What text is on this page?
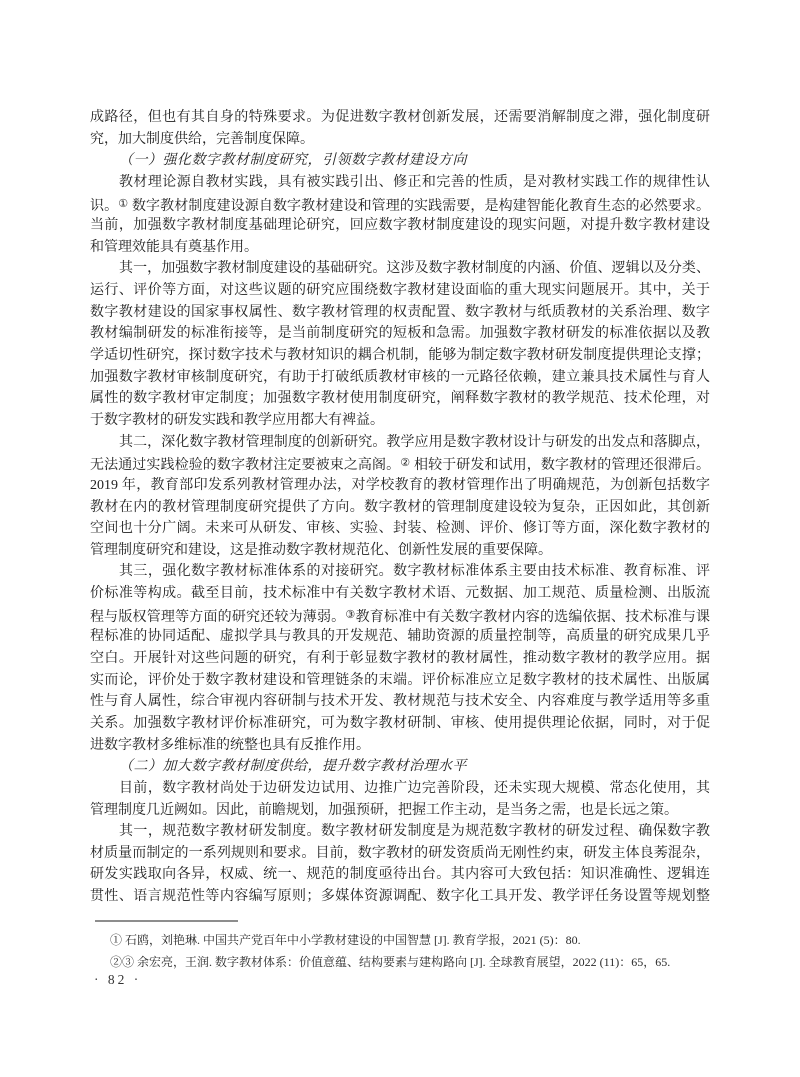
成路径，但也有其自身的特殊要求。为促进数字教材创新发展，还需要消解制度之滞，强化制度研
究，加大制度供给，完善制度保障。
（一）强化数字教材制度研究，引领数字教材建设方向
教材理论源自教材实践，具有被实践引出、修正和完善的性质，是对教材实践工作的规律性认
识。① 数字教材制度建设源自数字教材建设和管理的实践需要，是构建智能化教育生态的必然要求。
当前，加强数字教材制度基础理论研究，回应数字教材制度建设的现实问题，对提升数字教材建设
和管理效能具有奠基作用。
其一，加强数字教材制度建设的基础研究。这涉及数字教材制度的内涵、价值、逻辑以及分类、
运行、评价等方面，对这些议题的研究应围绕数字教材建设面临的重大现实问题展开。其中，关于
数字教材建设的国家事权属性、数字教材管理的权责配置、数字教材与纸质教材的关系治理、数字
教材编制研发的标准衔接等，是当前制度研究的短板和急需。加强数字教材研发的标准依据以及教
学适切性研究，探讨数字技术与教材知识的耦合机制，能够为制定数字教材研发制度提供理论支撑；
加强数字教材审核制度研究，有助于打破纸质教材审核的一元路径依赖，建立兼具技术属性与育人
属性的数字教材审定制度；加强数字教材使用制度研究，阐释数字教材的教学规范、技术伦理，对
于数字教材的研发实践和教学应用都大有裨益。
其二，深化数字教材管理制度的创新研究。教学应用是数字教材设计与研发的出发点和落脚点，
无法通过实践检验的数字教材注定要被束之高阁。② 相较于研发和试用，数字教材的管理还很滞后。
2019 年，教育部印发系列教材管理办法，对学校教育的教材管理作出了明确规范，为创新包括数字
教材在内的教材管理制度研究提供了方向。数字教材的管理制度建设较为复杂，正因如此，其创新
空间也十分广阔。未来可从研发、审核、实验、封装、检测、评价、修订等方面，深化数字教材的
管理制度研究和建设，这是推动数字教材规范化、创新性发展的重要保障。
其三，强化数字教材标准体系的对接研究。数字教材标准体系主要由技术标准、教育标准、评
价标准等构成。截至目前，技术标准中有关数字教材术语、元数据、加工规范、质量检测、出版流
程与版权管理等方面的研究还较为薄弱。③教育标准中有关数字教材内容的选编依据、技术标准与课
程标准的协同适配、虚拟学具与教具的开发规范、辅助资源的质量控制等，高质量的研究成果几乎
空白。开展针对这些问题的研究，有利于彰显数字教材的教材属性，推动数字教材的教学应用。据
实而论，评价处于数字教材建设和管理链条的末端。评价标准应立足数字教材的技术属性、出版属
性与育人属性，综合审视内容研制与技术开发、教材规范与技术安全、内容难度与教学适用等多重
关系。加强数字教材评价标准研究，可为数字教材研制、审核、使用提供理论依据，同时，对于促
进数字教材多维标准的统整也具有反推作用。
（二）加大数字教材制度供给，提升数字教材治理水平
目前，数字教材尚处于边研发边试用、边推广边完善阶段，还未实现大规模、常态化使用，其
管理制度几近阙如。因此，前瞻规划，加强预研，把握工作主动，是当务之需，也是长远之策。
其一，规范数字教材研发制度。数字教材研发制度是为规范数字教材的研发过程、确保数字教
材质量而制定的一系列规则和要求。目前，数字教材的研发资质尚无刚性约束，研发主体良莠混杂，
研发实践取向各异，权威、统一、规范的制度亟待出台。其内容可大致包括：知识准确性、逻辑连
贯性、语言规范性等内容编写原则；多媒体资源调配、数字化工具开发、教学评任务设置等规划整
① 石鸥，刘艳琳. 中国共产党百年中小学教材建设的中国智慧 [J]. 教育学报，2021 (5)：80.
②③ 余宏亮，王润. 数字教材体系：价值意蕴、结构要素与建构路向 [J]. 全球教育展望，2022 (11)：65，65.
· 82 ·
